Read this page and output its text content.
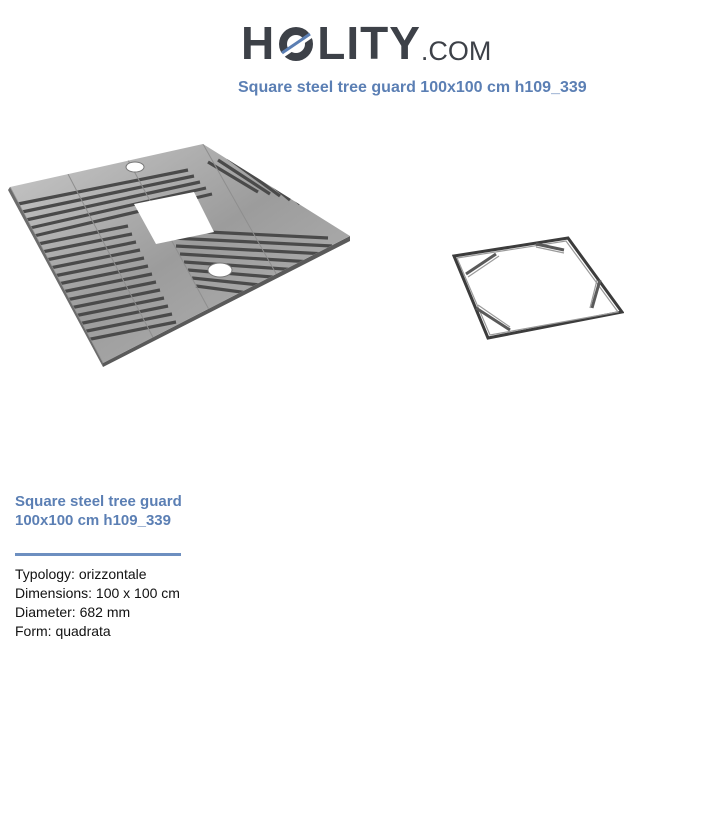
H LITY .COM
Square steel tree guard 100x100 cm h109_339
Square steel tree guard 100x100 cm h109_339
Typology: orizzontale
Dimensions: 100 x 100 cm
Diameter: 682 mm
Form: quadrata
